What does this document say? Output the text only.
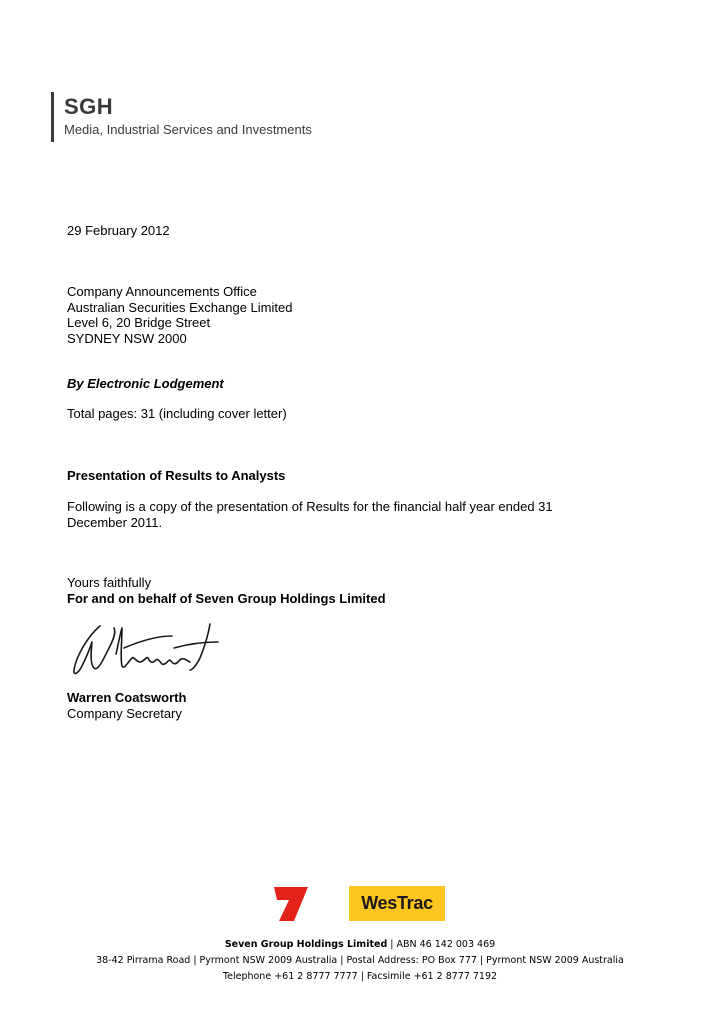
SGH
Media, Industrial Services and Investments
29 February 2012
Company Announcements Office
Australian Securities Exchange Limited
Level 6, 20 Bridge Street
SYDNEY NSW 2000
By Electronic Lodgement
Total pages: 31 (including cover letter)
Presentation of Results to Analysts
Following is a copy of the presentation of Results for the financial half year ended 31
December 2011.
Yours faithfully
For and on behalf of Seven Group Holdings Limited
Warren Coatsworth
Company Secretary
WesTrac
Seven Group Holdings Limited | ABN 46 142 003 469
38-42 Pirrama Road | Pyrmont NSW 2009 Australia | Postal Address: PO Box 777 | Pyrmont NSW 2009 Australia
Telephone +61 2 8777 7777 | Facsimile +61 2 8777 7192
